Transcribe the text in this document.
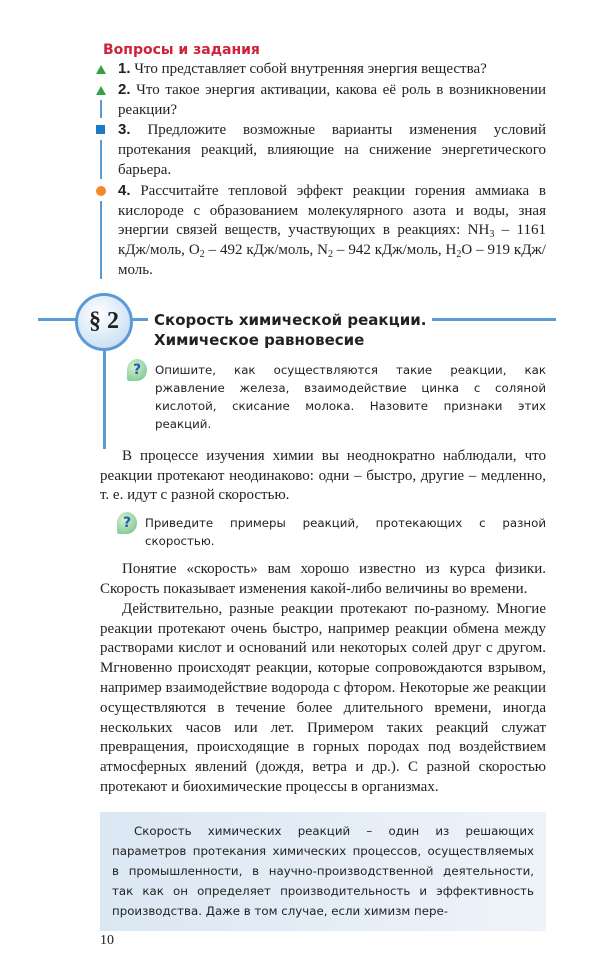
Вопросы и задания
1. Что представляет собой внутренняя энергия вещества?
2. Что такое энергия активации, какова её роль в возникновении реакции?
3. Предложите возможные варианты изменения условий протекания реакций, влияющие на снижение энергетического барьера.
4. Рассчитайте тепловой эффект реакции горения аммиака в кислороде с образованием молекулярного азота и воды, зная энергии связей веществ, участвующих в реакциях: $NH_3 - 1161$ кДж/моль, $O_2 - 492$ кДж/моль, $N_2 - 942$ кДж/моль, $H_2O - 919$ кДж/моль.
§ 2	Скорость химической реакции.
Химическое равновесие
?	Опишите, как осуществляются такие реакции, как ржавление железа, взаимодействие цинка с соляной кислотой, скисание молока. Назовите признаки этих реакций.
В процессе изучения химии вы неоднократно наблюдали, что реакции протекают неодинаково: одни – быстро, другие – медленно, т. е. идут с разной скоростью.
?	Приведите примеры реакций, протекающих с разной скоростью.
Понятие «скорость» вам хорошо известно из курса физики. Скорость показывает изменения какой-либо величины во времени.
Действительно, разные реакции протекают по-разному. Многие реакции протекают очень быстро, например реакции обмена между растворами кислот и оснований или некоторых солей друг с другом. Мгновенно происходят реакции, которые сопровождаются взрывом, например взаимодействие водорода с фтором. Некоторые же реакции осуществляются в течение более длительного времени, иногда нескольких часов или лет. Примером таких реакций служат превращения, происходящие в горных породах под воздействием атмосферных явлений (дождя, ветра и др.). С разной скоростью протекают и биохимические процессы в организмах.
Скорость химических реакций – один из решающих параметров протекания химических процессов, осуществляемых в промышленности, в научно-производственной деятельности, так как он определяет производительность и эффективность производства. Даже в том случае, если химизм пере-
10
